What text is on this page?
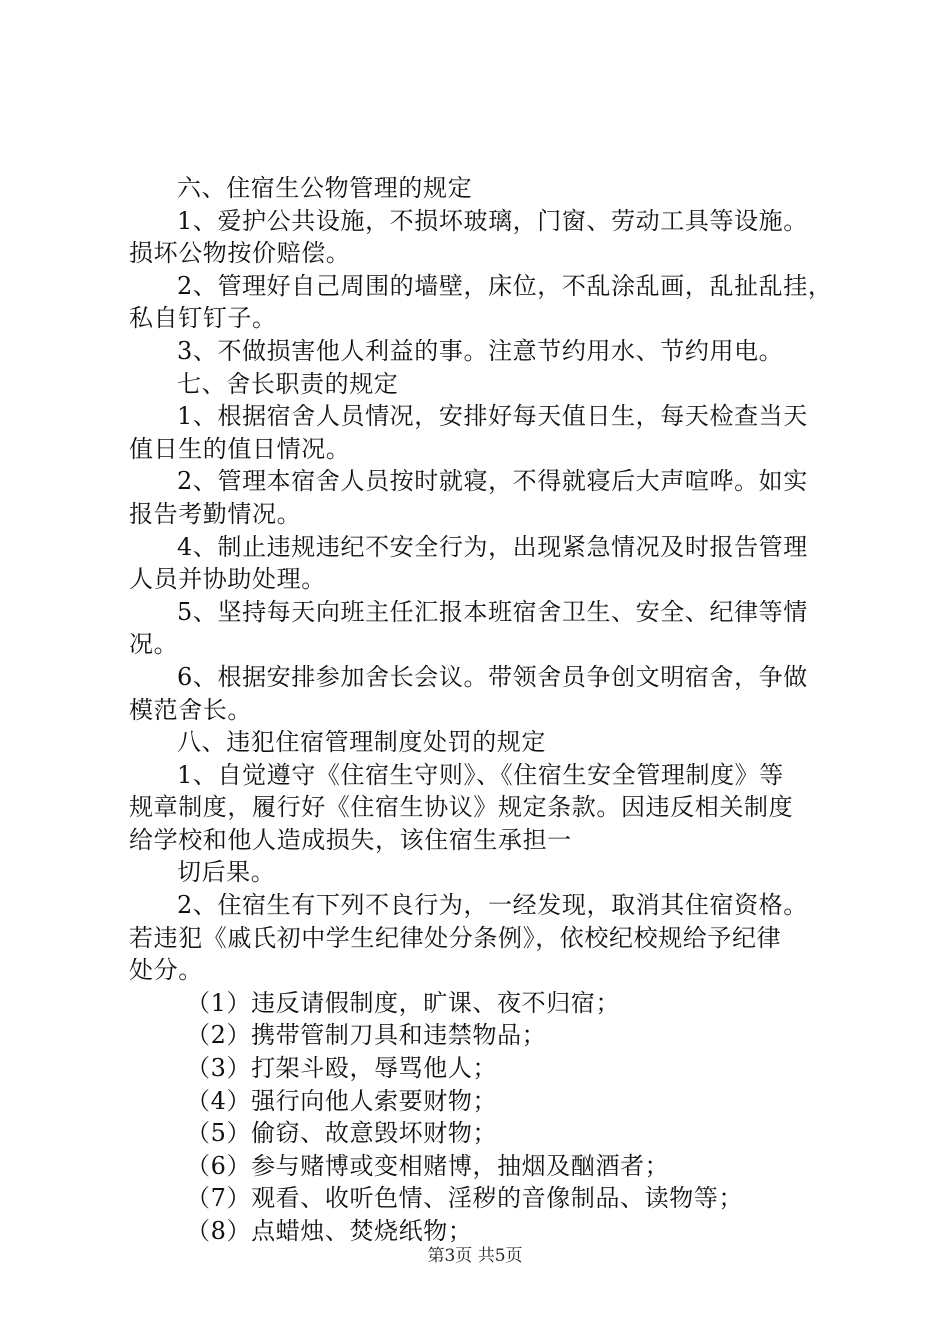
六、住宿生公物管理的规定
1、爱护公共设施，不损坏玻璃，门窗、劳动工具等设施。
损坏公物按价赔偿。
2、管理好自己周围的墙壁，床位，不乱涂乱画，乱扯乱挂，
私自钉钉子。
3、不做损害他人利益的事。注意节约用水、节约用电。
七、舍长职责的规定
1、根据宿舍人员情况，安排好每天值日生，每天检查当天
值日生的值日情况。
2、管理本宿舍人员按时就寝，不得就寝后大声喧哗。如实
报告考勤情况。
4、制止违规违纪不安全行为，出现紧急情况及时报告管理
人员并协助处理。
5、坚持每天向班主任汇报本班宿舍卫生、安全、纪律等情
况。
6、根据安排参加舍长会议。带领舍员争创文明宿舍，争做
模范舍长。
八、违犯住宿管理制度处罚的规定
1、自觉遵守《住宿生守则》、《住宿生安全管理制度》等
规章制度，履行好《住宿生协议》规定条款。因违反相关制度
给学校和他人造成损失，该住宿生承担一
切后果。
2、住宿生有下列不良行为，一经发现，取消其住宿资格。
若违犯《戚氏初中学生纪律处分条例》，依校纪校规给予纪律
处分。
（1）违反请假制度，旷课、夜不归宿；
（2）携带管制刀具和违禁物品；
（3）打架斗殴，辱骂他人；
（4）强行向他人索要财物；
（5）偷窃、故意毁坏财物；
（6）参与赌博或变相赌博，抽烟及酗酒者；
（7）观看、收听色情、淫秽的音像制品、读物等；
（8）点蜡烛、焚烧纸物；
第3页 共5页
